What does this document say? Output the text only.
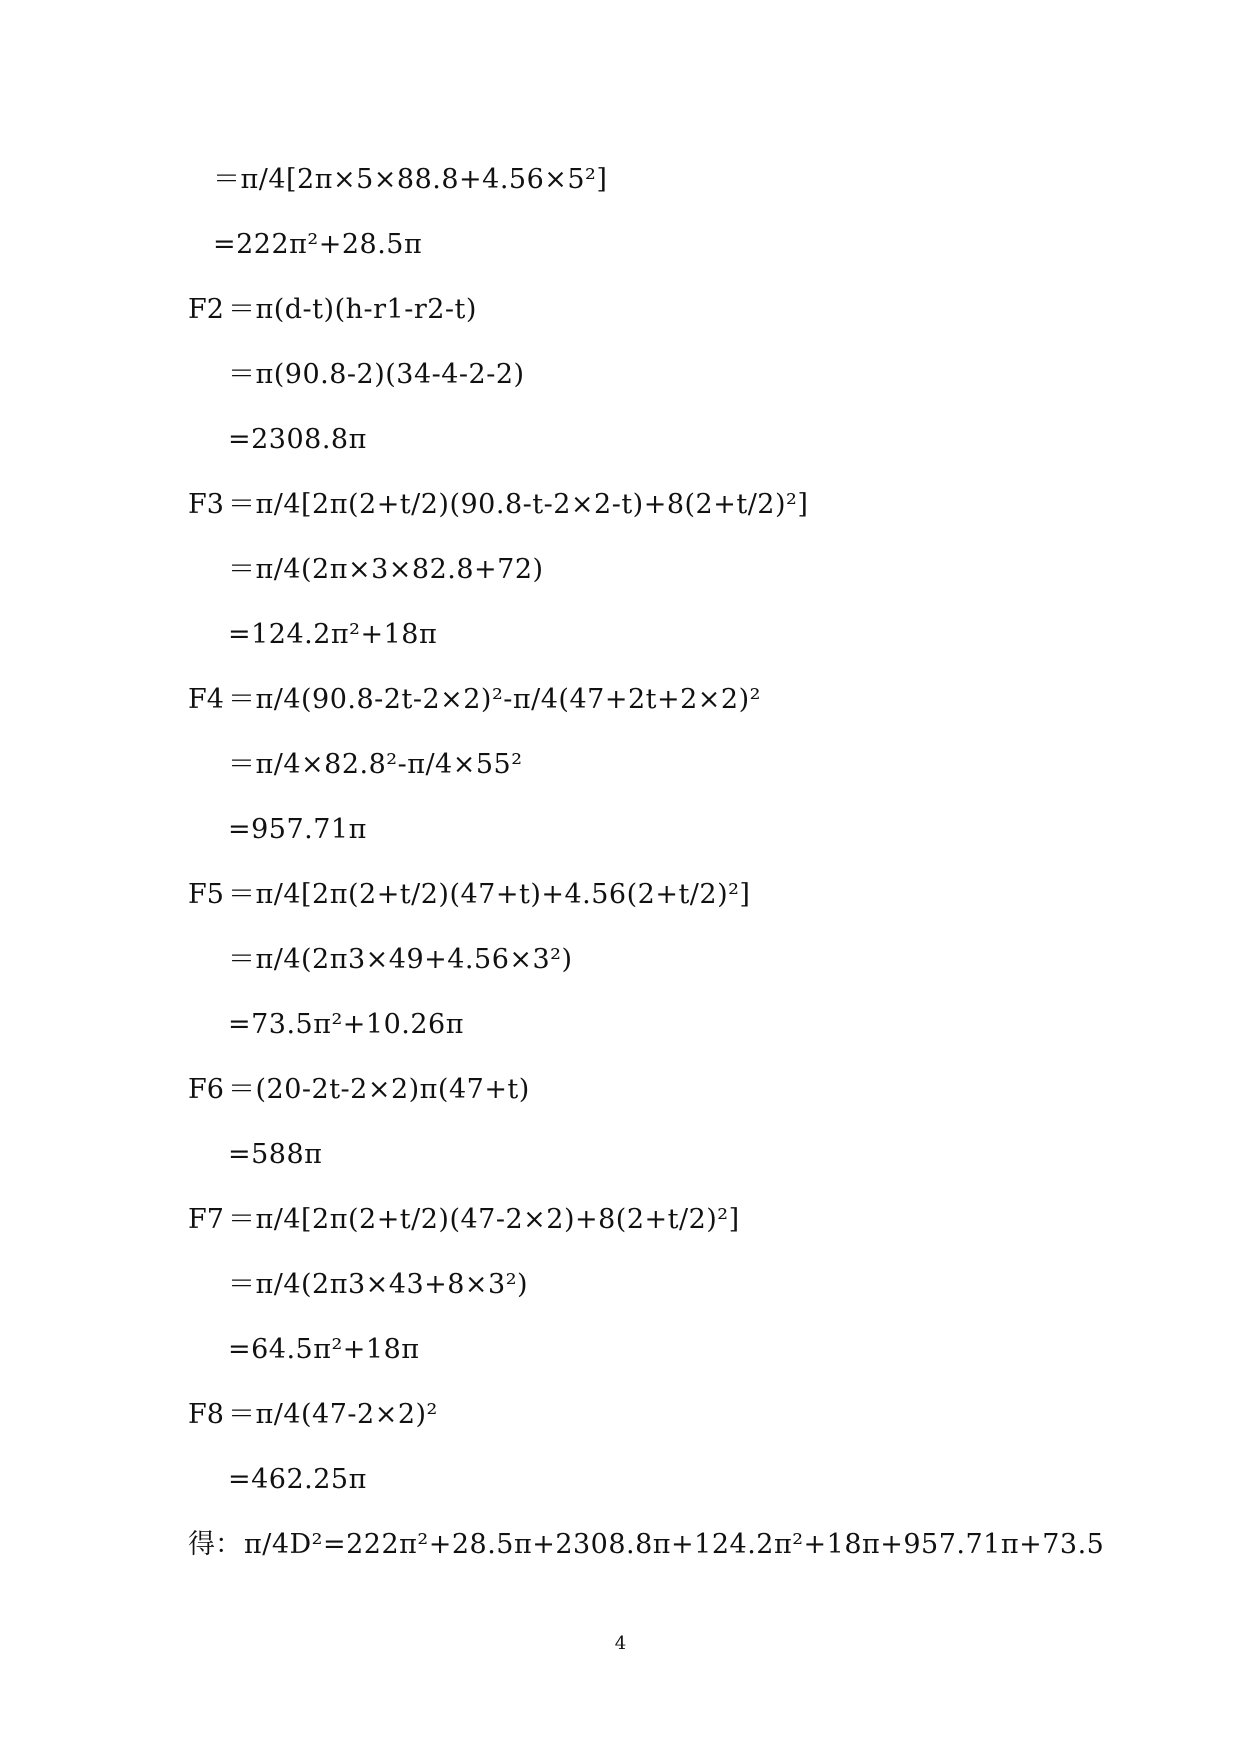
＝π/4[2π×5×88.8+4.56×5²]
=222π²+28.5π
F2 ＝π(d-t)(h-r1-r2-t)
＝π(90.8-2)(34-4-2-2)
=2308.8π
F3 ＝π/4[2π(2+t/2)(90.8-t-2×2-t)+8(2+t/2)²]
＝π/4(2π×3×82.8+72)
=124.2π²+18π
F4 ＝π/4(90.8-2t-2×2)²-π/4(47+2t+2×2)²
＝π/4×82.8²-π/4×55²
=957.71π
F5 ＝π/4[2π(2+t/2)(47+t)+4.56(2+t/2)²]
＝π/4(2π3×49+4.56×3²)
=73.5π²+10.26π
F6 ＝(20-2t-2×2)π(47+t)
=588π
F7 ＝π/4[2π(2+t/2)(47-2×2)+8(2+t/2)²]
＝π/4(2π3×43+8×3²)
=64.5π²+18π
F8 ＝π/4(47-2×2)²
=462.25π
得： π/4D²=222π²+28.5π+2308.8π+124.2π²+18π+957.71π+73.5
4
